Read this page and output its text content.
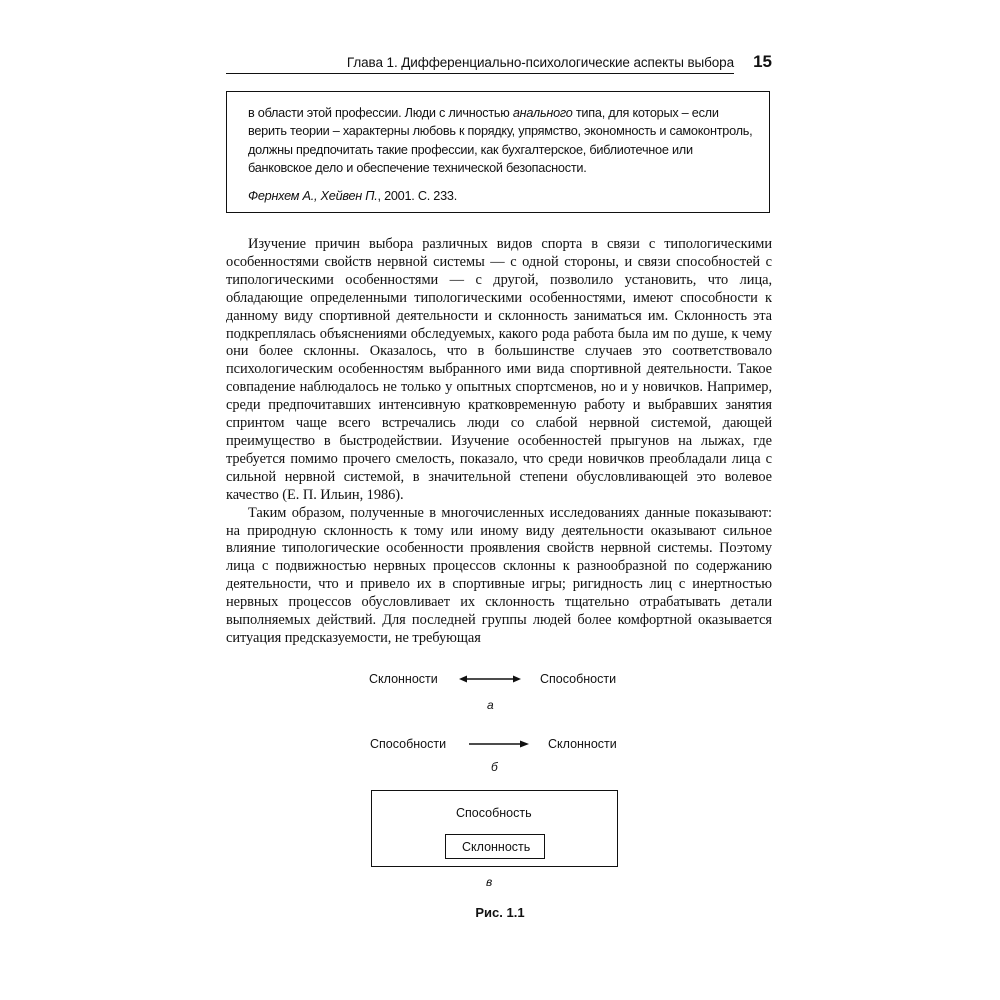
Глава 1. Дифференциально-психологические аспекты выбора 15

в области этой профессии. Люди с личностью анального типа, для которых – если верить теории – характерны любовь к порядку, упрямство, экономность и самоконтроль, должны предпочитать такие профессии, как бухгалтерское, библиотечное или банковское дело и обеспечение технической безопасности.

Фернхем А., Хейвен П., 2001. С. 233.

Изучение причин выбора различных видов спорта в связи с типологическими особенностями свойств нервной системы — с одной стороны, и связи способностей с типологическими особенностями — с другой, позволило установить, что лица, обладающие определенными типологическими особенностями, имеют способности к данному виду спортивной деятельности и склонность заниматься им. Склонность эта подкреплялась объяснениями обследуемых, какого рода работа была им по душе, к чему они более склонны. Оказалось, что в большинстве случаев это соответствовало психологическим особенностям выбранного ими вида спортивной деятельности. Такое совпадение наблюдалось не только у опытных спортсменов, но и у новичков. Например, среди предпочитавших интенсивную кратковременную работу и выбравших занятия спринтом чаще всего встречались люди со слабой нервной системой, дающей преимущество в быстродействии. Изучение особенностей прыгунов на лыжах, где требуется помимо прочего смелость, показало, что среди новичков преобладали лица с сильной нервной системой, в значительной степени обусловливающей это волевое качество (Е. П. Ильин, 1986).

Таким образом, полученные в многочисленных исследованиях данные показывают: на природную склонность к тому или иному виду деятельности оказывают сильное влияние типологические особенности проявления свойств нервной системы. Поэтому лица с подвижностью нервных процессов склонны к разнообразной по содержанию деятельности, что и привело их в спортивные игры; ригидность лиц с инертностью нервных процессов обусловливает их склонность тщательно отрабатывать детали выполняемых действий. Для последней группы людей более комфортной оказывается ситуация предсказуемости, не требующая

Склонности	Способности
а
Способности	Склонности
б
Способность
Склонность
в
Рис. 1.1
